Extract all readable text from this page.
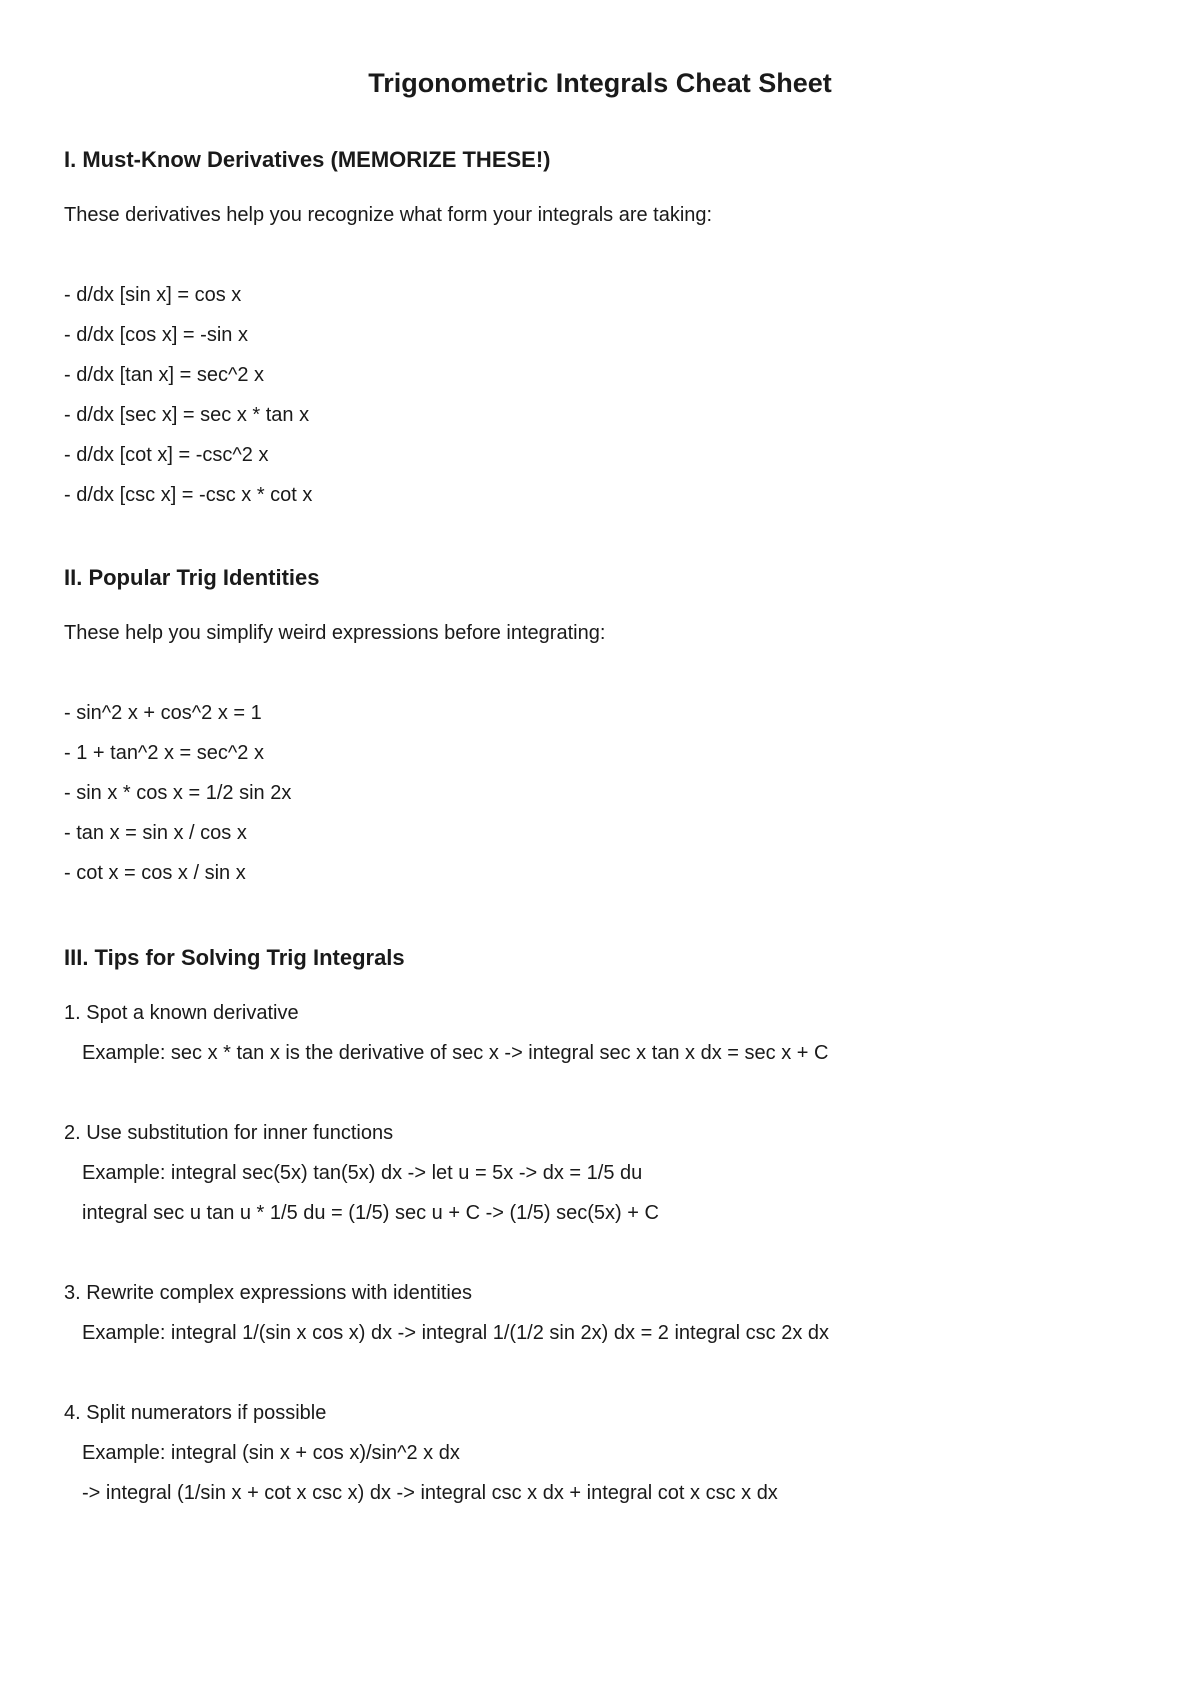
Trigonometric Integrals Cheat Sheet
I. Must-Know Derivatives (MEMORIZE THESE!)

These derivatives help you recognize what form your integrals are taking:

- d/dx [sin x] = cos x

- d/dx [cos x] = -sin x

- d/dx [tan x] = sec^2 x

- d/dx [sec x] = sec x * tan x

- d/dx [cot x] = -csc^2 x

- d/dx [csc x] = -csc x * cot x

II. Popular Trig Identities

These help you simplify weird expressions before integrating:

- sin^2 x + cos^2 x = 1

- 1 + tan^2 x = sec^2 x

- sin x * cos x = 1/2 sin 2x

- tan x = sin x / cos x

- cot x = cos x / sin x

III. Tips for Solving Trig Integrals

1. Spot a known derivative

Example: sec x * tan x is the derivative of sec x -> integral sec x tan x dx = sec x + C

2. Use substitution for inner functions

Example: integral sec(5x) tan(5x) dx -> let u = 5x -> dx = 1/5 du

integral sec u tan u * 1/5 du = (1/5) sec u + C -> (1/5) sec(5x) + C

3. Rewrite complex expressions with identities

Example: integral 1/(sin x cos x) dx -> integral 1/(1/2 sin 2x) dx = 2 integral csc 2x dx

4. Split numerators if possible

Example: integral (sin x + cos x)/sin^2 x dx

-> integral (1/sin x + cot x csc x) dx -> integral csc x dx + integral cot x csc x dx
